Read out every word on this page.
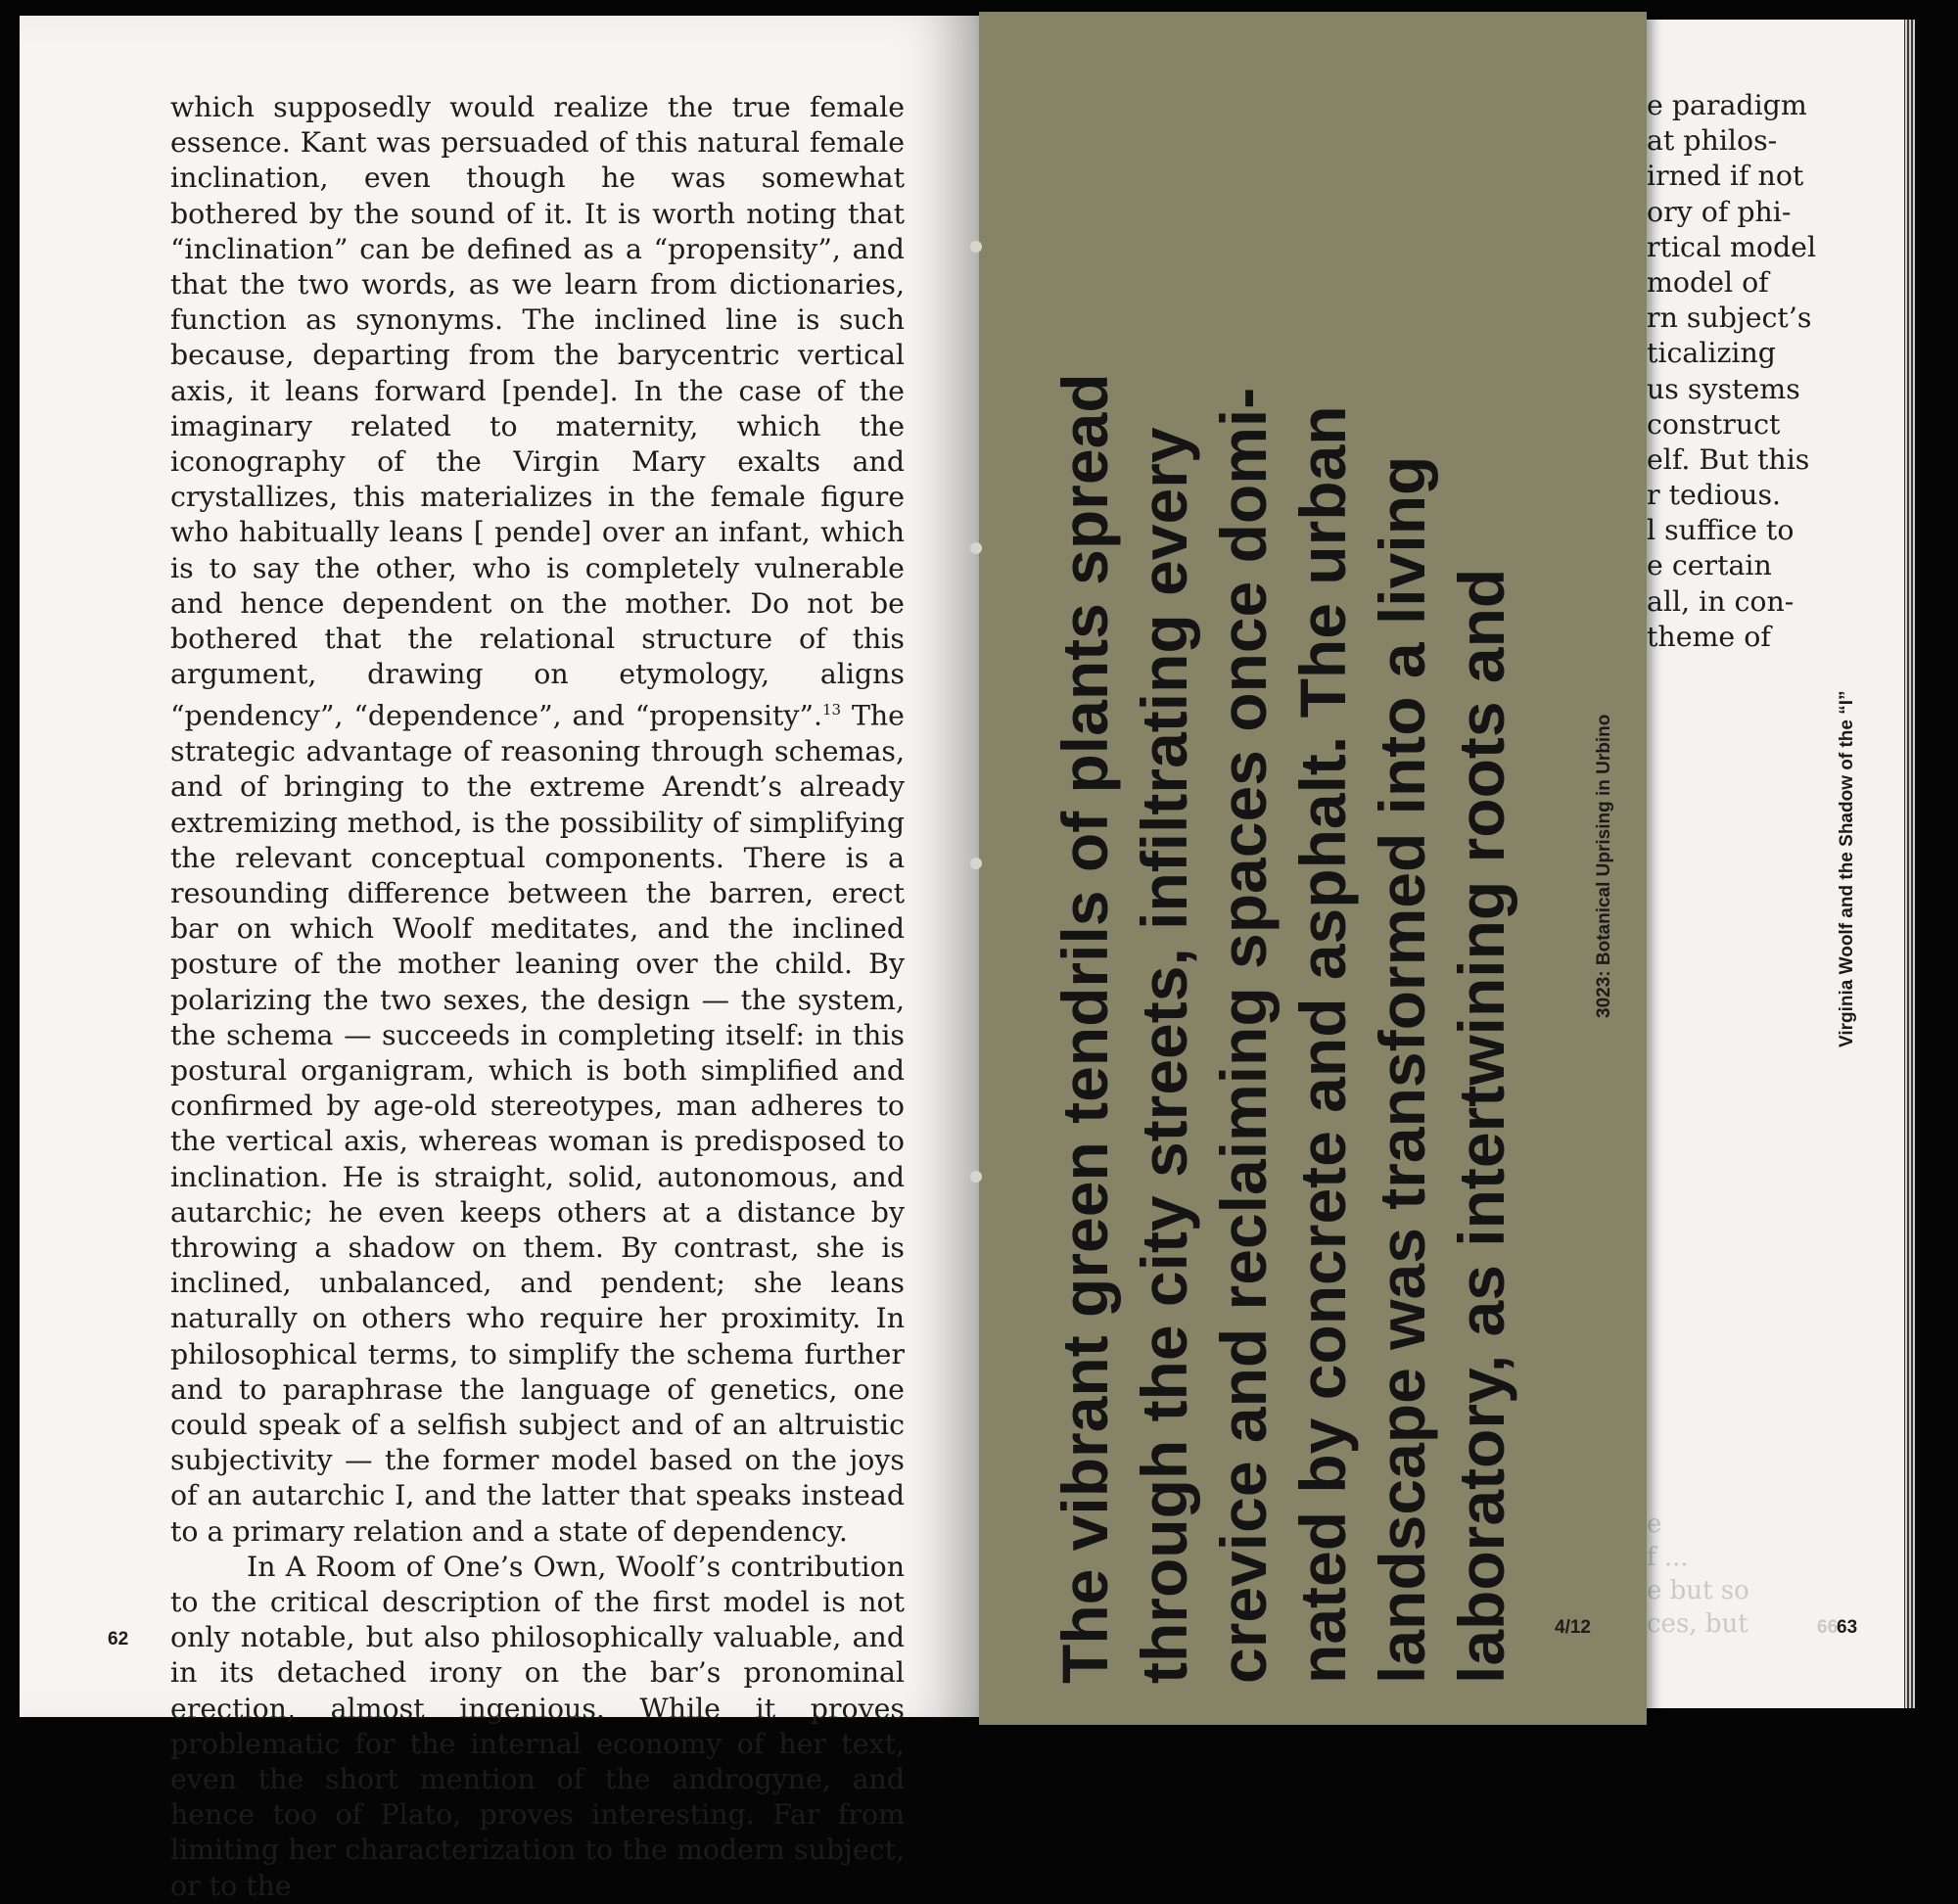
which supposedly would realize the true female essence. Kant was persuaded of this natural female inclination, even though he was somewhat bothered by the sound of it. It is worth noting that “inclination” can be defined as a “propensity”, and that the two words, as we learn from dictionaries, function as synonyms. The inclined line is such because, departing from the barycentric vertical axis, it leans forward [pende]. In the case of the imaginary related to maternity, which the iconography of the Virgin Mary exalts and crystallizes, this materializes in the female figure who habitually leans [ pende] over an infant, which is to say the other, who is completely vulnerable and hence dependent on the mother. Do not be bothered that the relational structure of this argument, drawing on etymology, aligns “pendency”, “dependence”, and “propensity”.$^{13}$ The strategic advantage of reasoning through schemas, and of bringing to the extreme Arendt’s already extremizing method, is the possibility of simplifying the relevant conceptual components. There is a resounding difference between the barren, erect bar on which Woolf meditates, and the inclined posture of the mother leaning over the child. By polarizing the two sexes, the design — the system, the schema — succeeds in completing itself: in this postural organigram, which is both simplified and confirmed by age-old stereotypes, man adheres to the vertical axis, whereas woman is predisposed to inclination. He is straight, solid, autonomous, and autarchic; he even keeps others at a distance by throwing a shadow on them. By contrast, she is inclined, unbalanced, and pendent; she leans naturally on others who require her proximity. In philosophical terms, to simplify the schema further and to paraphrase the language of genetics, one could speak of a selfish subject and of an altruistic subjectivity — the former model based on the joys of an autarchic I, and the latter that speaks instead to a primary relation and a state of dependency.

In A Room of One’s Own, Woolf’s contribution to the critical description of the first model is not only notable, but also philosophically valuable, and in its detached irony on the bar’s pronominal erection, almost ingenious. While it proves problematic for the internal economy of her text, even the short mention of the androgyne, and hence too of Plato, proves interesting. Far from limiting her characterization to the modern subject, or to the

62
e paradigm
at philos-
irned if not
ory of phi-
rtical model
model of
rn subject’s
ticalizing
us systems
construct
elf. But this
r tedious.
l suffice to
e certain
all, in con-
theme of
e
f ...
e but so
ces, but
Virginia Woolf and the Shadow of the “I”
66
63
The vibrant green tendrils of plants spread through the city streets, infiltrating every crevice and reclaiming spaces once domi- nated by concrete and asphalt. The urban landscape was transformed into a living laboratory, as intertwining roots and	3023: Botanical Uprising in Urbino
4/12
